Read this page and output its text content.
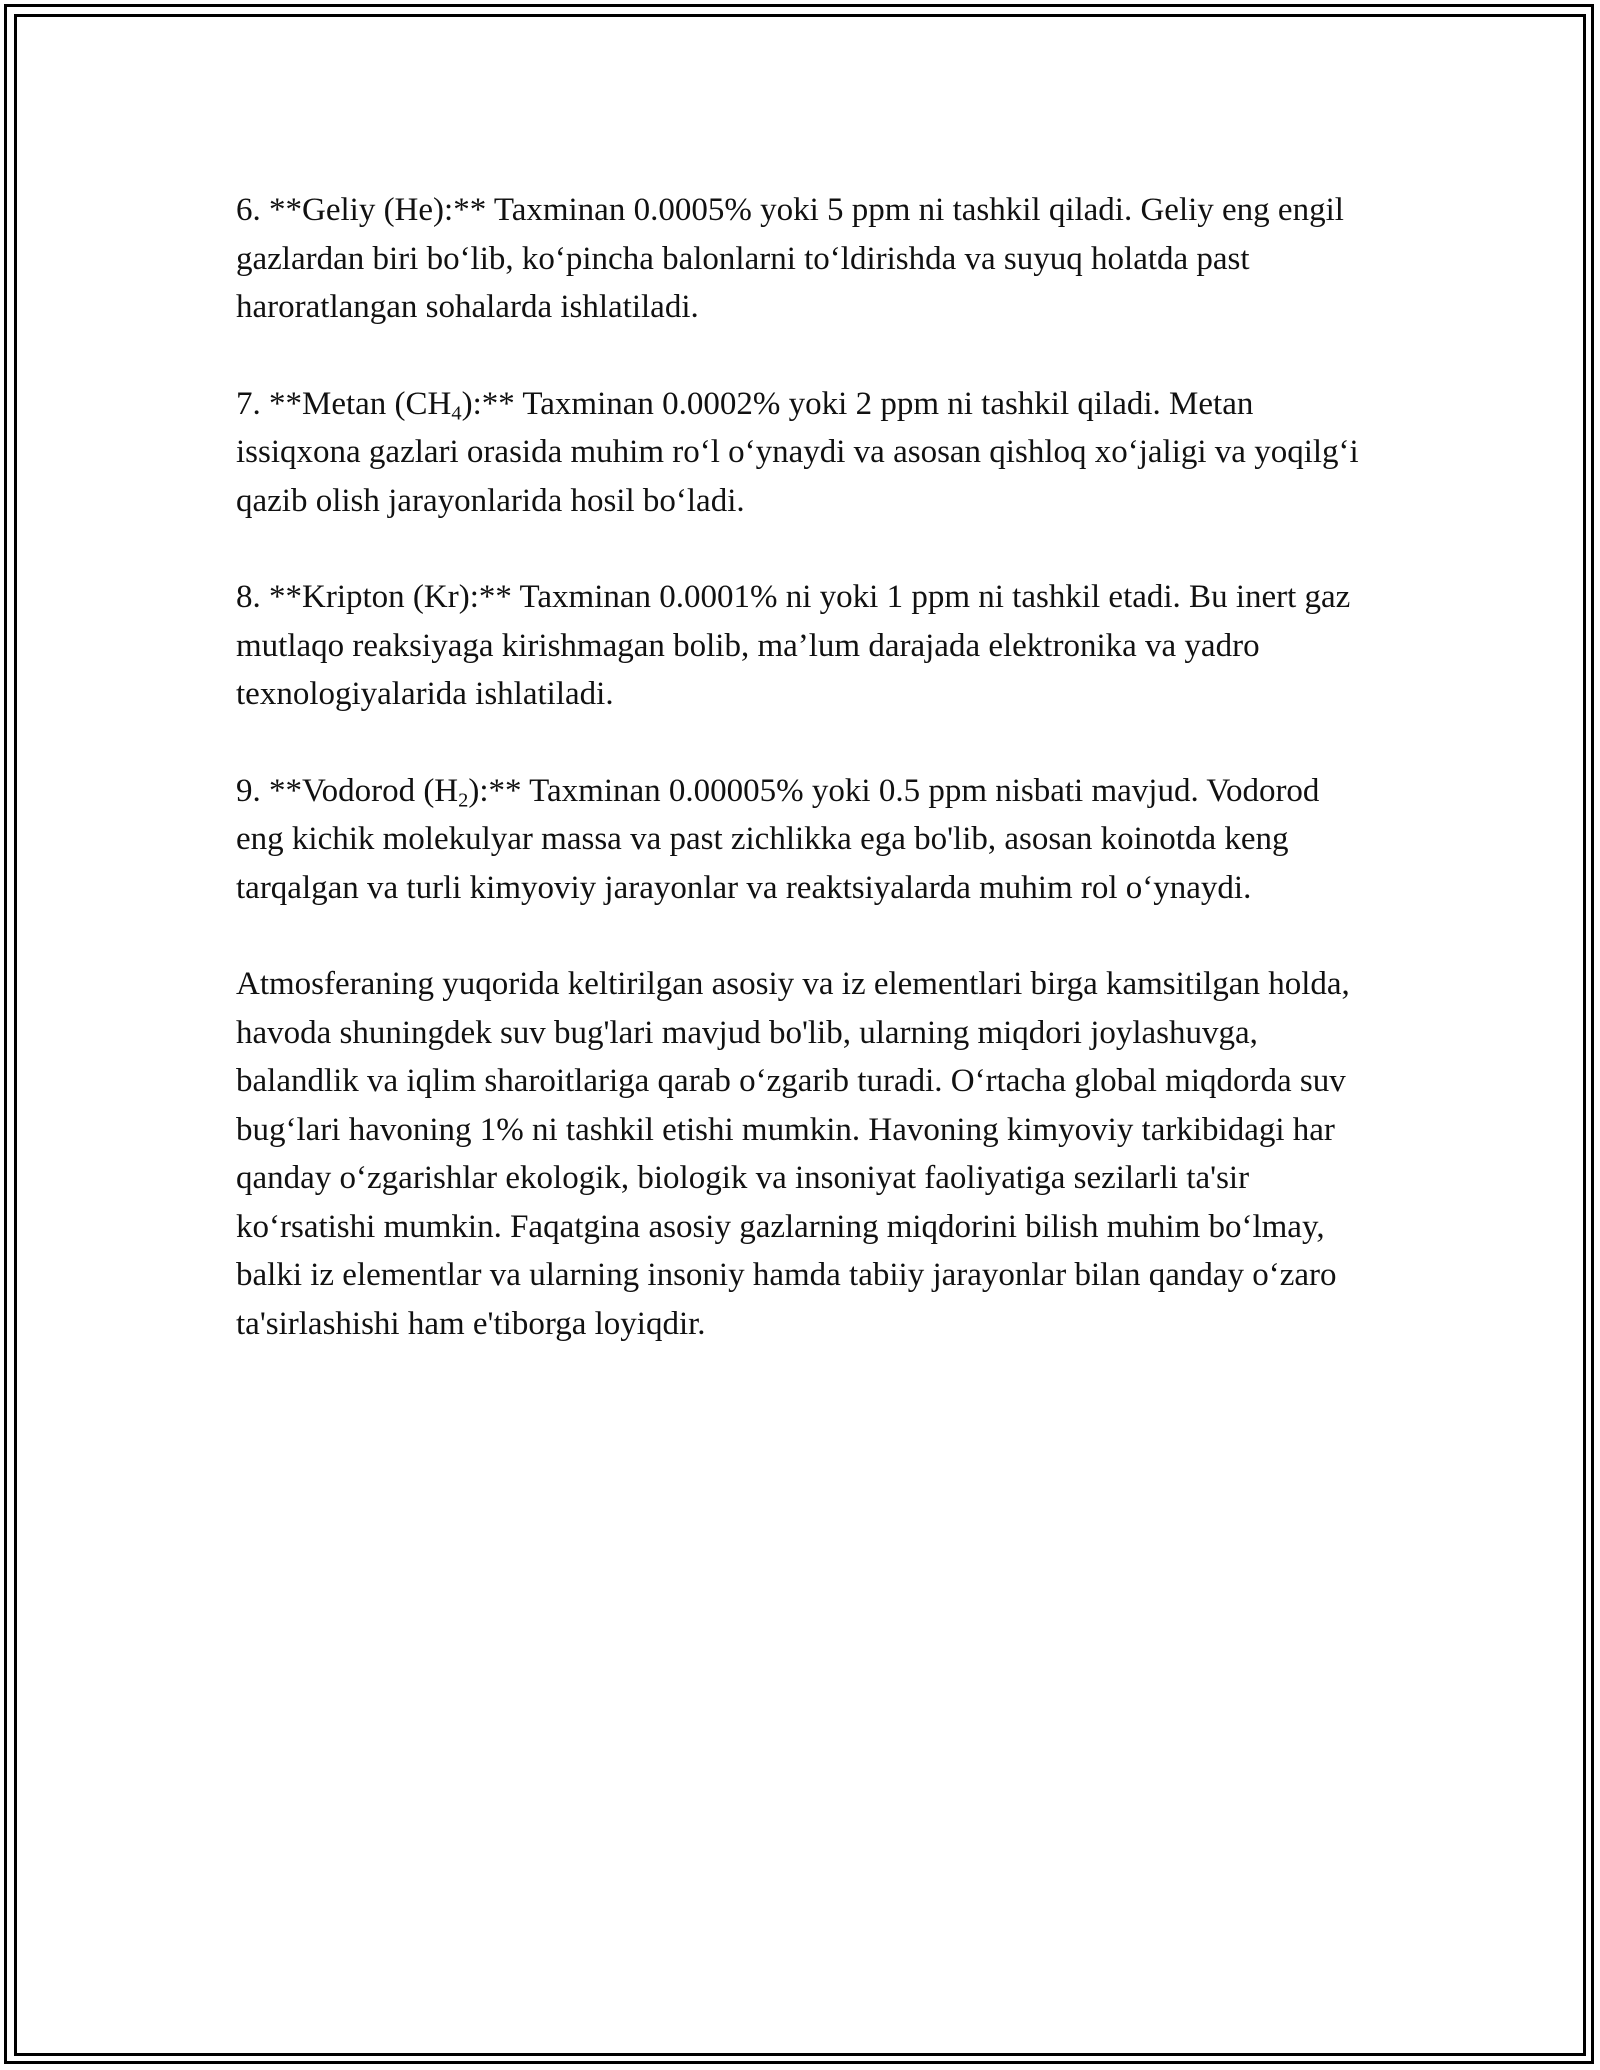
6. **Geliy (He):** Taxminan 0.0005% yoki 5 ppm ni tashkil qiladi. Geliy eng engil gazlardan biri bo‘lib, ko‘pincha balonlarni to‘ldirishda va suyuq holatda past haroratlangan sohalarda ishlatiladi.

7. **Metan $(CH_4):**$ Taxminan 0.0002% yoki 2 ppm ni tashkil qiladi. Metan issiqxona gazlari orasida muhim ro‘l o‘ynaydi va asosan qishloq xo‘jaligi va yoqilg‘i qazib olish jarayonlarida hosil bo‘ladi.

8. **Kripton (Kr):** Taxminan 0.0001% ni yoki 1 ppm ni tashkil etadi. Bu inert gaz mutlaqo reaksiyaga kirishmagan bolib, ma’lum darajada elektronika va yadro texnologiyalarida ishlatiladi.

9. **Vodorod $(H_2):**$ Taxminan 0.00005% yoki 0.5 ppm nisbati mavjud. Vodorod eng kichik molekulyar massa va past zichlikka ega bo'lib, asosan koinotda keng tarqalgan va turli kimyoviy jarayonlar va reaktsiyalarda muhim rol o‘ynaydi.

Atmosferaning yuqorida keltirilgan asosiy va iz elementlari birga kamsitilgan holda, havoda shuningdek suv bug'lari mavjud bo'lib, ularning miqdori joylashuvga, balandlik va iqlim sharoitlariga qarab o‘zgarib turadi. O‘rtacha global miqdorda suv bug‘lari havoning 1% ni tashkil etishi mumkin. Havoning kimyoviy tarkibidagi har qanday o‘zgarishlar ekologik, biologik va insoniyat faoliyatiga sezilarli ta'sir ko‘rsatishi mumkin. Faqatgina asosiy gazlarning miqdorini bilish muhim bo‘lmay, balki iz elementlar va ularning insoniy hamda tabiiy jarayonlar bilan qanday o‘zaro ta'sirlashishi ham e'tiborga loyiqdir.
